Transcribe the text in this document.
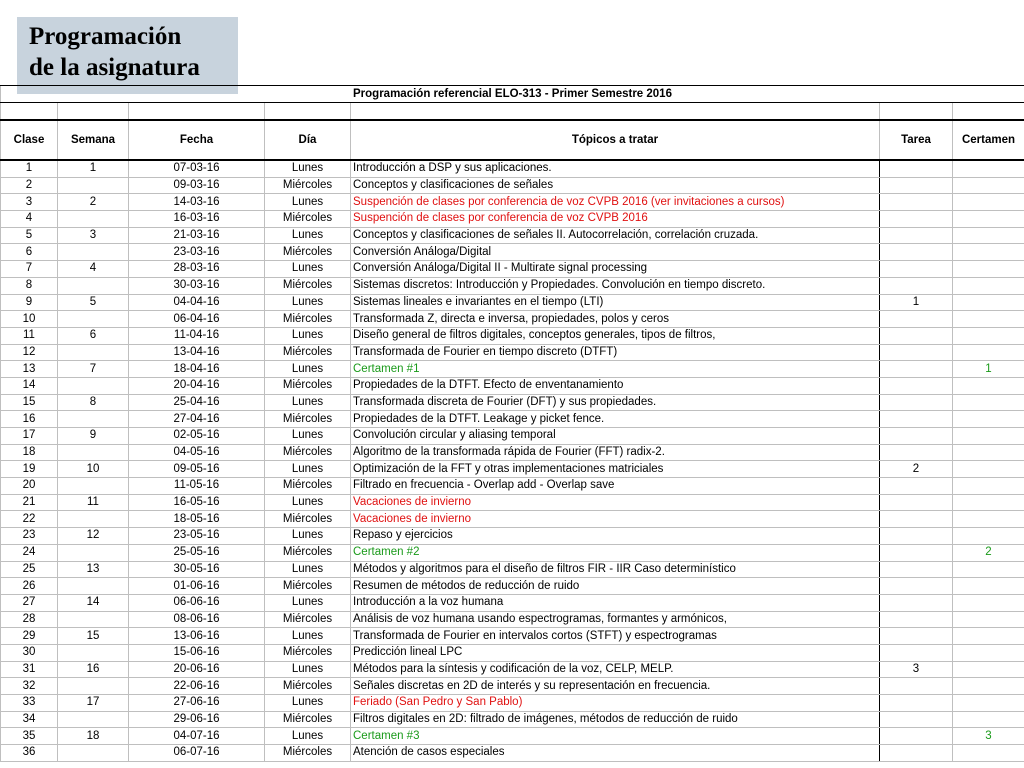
Programación
de la asignatura
Programación referencial ELO-313 - Primer Semestre 2016						

Clase	Semana	Fecha	Día	Tópicos a tratar	Tarea	Certamen
1	1	07-03-16	Lunes	Introducción a DSP y sus aplicaciones.		
2		09-03-16	Miércoles	Conceptos y clasificaciones de señales		
3	2	14-03-16	Lunes	Suspención de clases por conferencia de voz CVPB 2016 (ver invitaciones a cursos)		
4		16-03-16	Miércoles	Suspención de clases por conferencia de voz CVPB 2016		
5	3	21-03-16	Lunes	Conceptos y clasificaciones de señales II. Autocorrelación, correlación cruzada.		
6		23-03-16	Miércoles	Conversión Análoga/Digital		
7	4	28-03-16	Lunes	Conversión Análoga/Digital II - Multirate signal processing		
8		30-03-16	Miércoles	Sistemas discretos: Introducción y Propiedades. Convolución en tiempo discreto.		
9	5	04-04-16	Lunes	Sistemas lineales e invariantes en el tiempo (LTI)	1	
10		06-04-16	Miércoles	Transformada Z, directa e inversa, propiedades, polos y ceros		
11	6	11-04-16	Lunes	Diseño general de filtros digitales, conceptos generales, tipos de filtros,		
12		13-04-16	Miércoles	Transformada de Fourier en tiempo discreto (DTFT)		
13	7	18-04-16	Lunes	Certamen #1		1
14		20-04-16	Miércoles	Propiedades de la DTFT. Efecto de enventanamiento		
15	8	25-04-16	Lunes	Transformada discreta de Fourier (DFT) y sus propiedades.		
16		27-04-16	Miércoles	Propiedades de la DTFT. Leakage y picket fence.		
17	9	02-05-16	Lunes	Convolución circular y aliasing temporal		
18		04-05-16	Miércoles	Algoritmo de la transformada rápida de Fourier (FFT) radix-2.		
19	10	09-05-16	Lunes	Optimización de la FFT y otras implementaciones matriciales	2	
20		11-05-16	Miércoles	Filtrado en frecuencia - Overlap add - Overlap save		
21	11	16-05-16	Lunes	Vacaciones de invierno		
22		18-05-16	Miércoles	Vacaciones de invierno		
23	12	23-05-16	Lunes	Repaso y ejercicios		
24		25-05-16	Miércoles	Certamen #2		2
25	13	30-05-16	Lunes	Métodos y algoritmos para el diseño de filtros FIR - IIR Caso determinístico		
26		01-06-16	Miércoles	Resumen de métodos de reducción de ruido		
27	14	06-06-16	Lunes	Introducción a la voz humana		
28		08-06-16	Miércoles	Análisis de voz humana usando espectrogramas, formantes y armónicos,		
29	15	13-06-16	Lunes	Transformada de Fourier en intervalos cortos (STFT) y espectrogramas		
30		15-06-16	Miércoles	Predicción lineal LPC		
31	16	20-06-16	Lunes	Métodos para la síntesis y codificación de la voz, CELP, MELP.	3	
32		22-06-16	Miércoles	Señales discretas en 2D de interés y su representación en frecuencia.		
33	17	27-06-16	Lunes	Feriado (San Pedro y San Pablo)		
34		29-06-16	Miércoles	Filtros digitales en 2D: filtrado de imágenes, métodos de reducción de ruido		
35	18	04-07-16	Lunes	Certamen #3		3
36		06-07-16	Miércoles	Atención de casos especiales		
